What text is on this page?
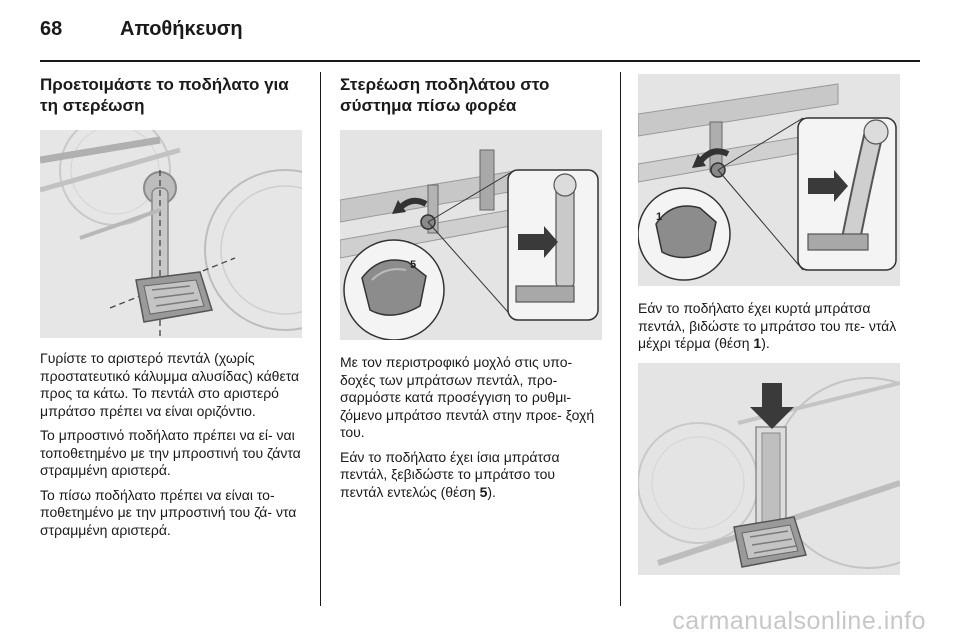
68	Αποθήκευση
Προετοιμάστε το ποδήλατο για τη στερέωση

Γυρίστε το αριστερό πεντάλ (χωρίς προστατευτικό κάλυμμα αλυσίδας) κάθετα προς τα κάτω. Το πεντάλ στο αριστερό μπράτσο πρέπει να είναι οριζόντιο.

Το μπροστινό ποδήλατο πρέπει να εί- ναι τοποθετημένο με την μπροστινή του ζάντα στραμμένη αριστερά.

Το πίσω ποδήλατο πρέπει να είναι το- ποθετημένο με την μπροστινή του ζά- ντα στραμμένη αριστερά.

Στερέωση ποδηλάτου στο σύστημα πίσω φορέα
5

Με τον περιστροφικό μοχλό στις υπο- δοχές των μπράτσων πεντάλ, προ- σαρμόστε κατά προσέγγιση το ρυθμι- ζόμενο μπράτσο πεντάλ στην προε- ξοχή του.

Εάν το ποδήλατο έχει ίσια μπράτσα πεντάλ, ξεβιδώστε το μπράτσο του πεντάλ εντελώς (θέση 5).

1

Εάν το ποδήλατο έχει κυρτά μπράτσα πεντάλ, βιδώστε το μπράτσο του πε- ντάλ μέχρι τέρμα (θέση 1).

carmanualsonline.info
